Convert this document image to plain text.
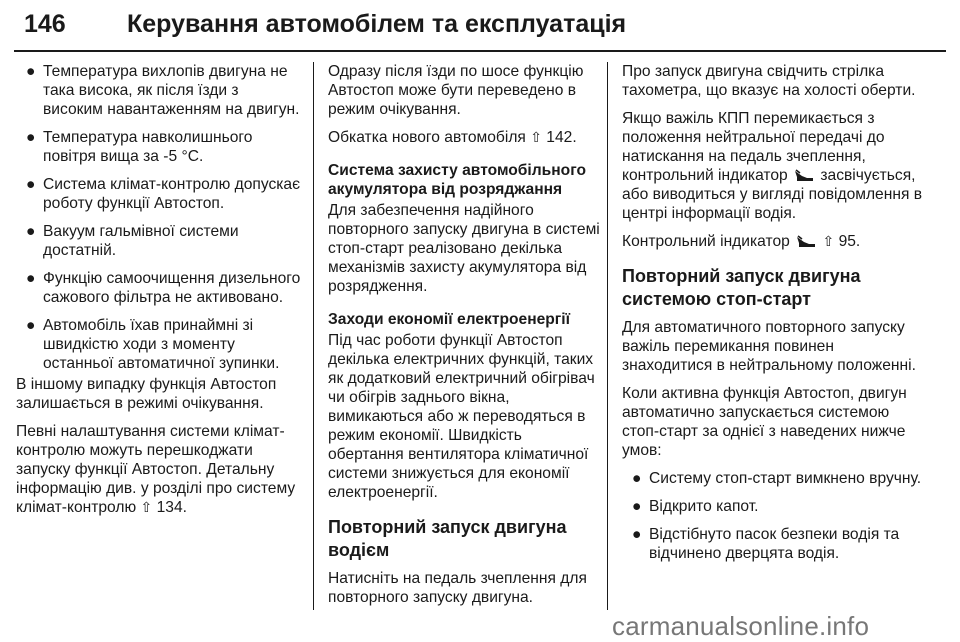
146 Керування автомобілем та експлуатація
● Температура вихлопів двигуна не така висока, як після їзди з високим навантаженням на двигун.
● Температура навколишнього повітря вища за -5 °C.
● Система клімат-контролю допускає роботу функції Автостоп.
● Вакуум гальмівної системи достатній.
● Функцію самоочищення дизельного сажового фільтра не активовано.
● Автомобіль їхав принаймні зі швидкістю ходи з моменту останньої автоматичної зупинки.
В іншому випадку функція Автостоп залишається в режимі очікування.
Певні налаштування системи клімат-контролю можуть перешкоджати запуску функції Автостоп. Детальну інформацію див. у розділі про систему клімат-контролю ⇧ 134.
Одразу після їзди по шосе функцію Автостоп може бути переведено в режим очікування.
Обкатка нового автомобіля ⇧ 142.
Система захисту автомобільного акумулятора від розряджання
Для забезпечення надійного повторного запуску двигуна в системі стоп-старт реалізовано декілька механізмів захисту акумулятора від розрядження.
Заходи економії електроенергії
Під час роботи функції Автостоп декілька електричних функцій, таких як додатковий електричний обігрівач чи обігрів заднього вікна, вимикаються або ж переводяться в режим економії. Швидкість обертання вентилятора кліматичної системи знижується для економії електроенергії.
Повторний запуск двигуна водієм
Натисніть на педаль зчеплення для повторного запуску двигуна.
Про запуск двигуна свідчить стрілка тахометра, що вказує на холості оберти.
Якщо важіль КПП перемикається з положення нейтральної передачі до натискання на педаль зчеплення, контрольний індикатор засвічується, або виводиться у вигляді повідомлення в центрі інформації водія.
Контрольний індикатор ⇧ 95.
Повторний запуск двигуна системою стоп-старт
Для автоматичного повторного запуску важіль перемикання повинен знаходитися в нейтральному положенні.
Коли активна функція Автостоп, двигун автоматично запускається системою стоп-старт за однієї з наведених нижче умов:
● Систему стоп-старт вимкнено вручну.
● Відкрито капот.
● Відстібнуто пасок безпеки водія та відчинено дверцята водія.
carmanualsonline.info
